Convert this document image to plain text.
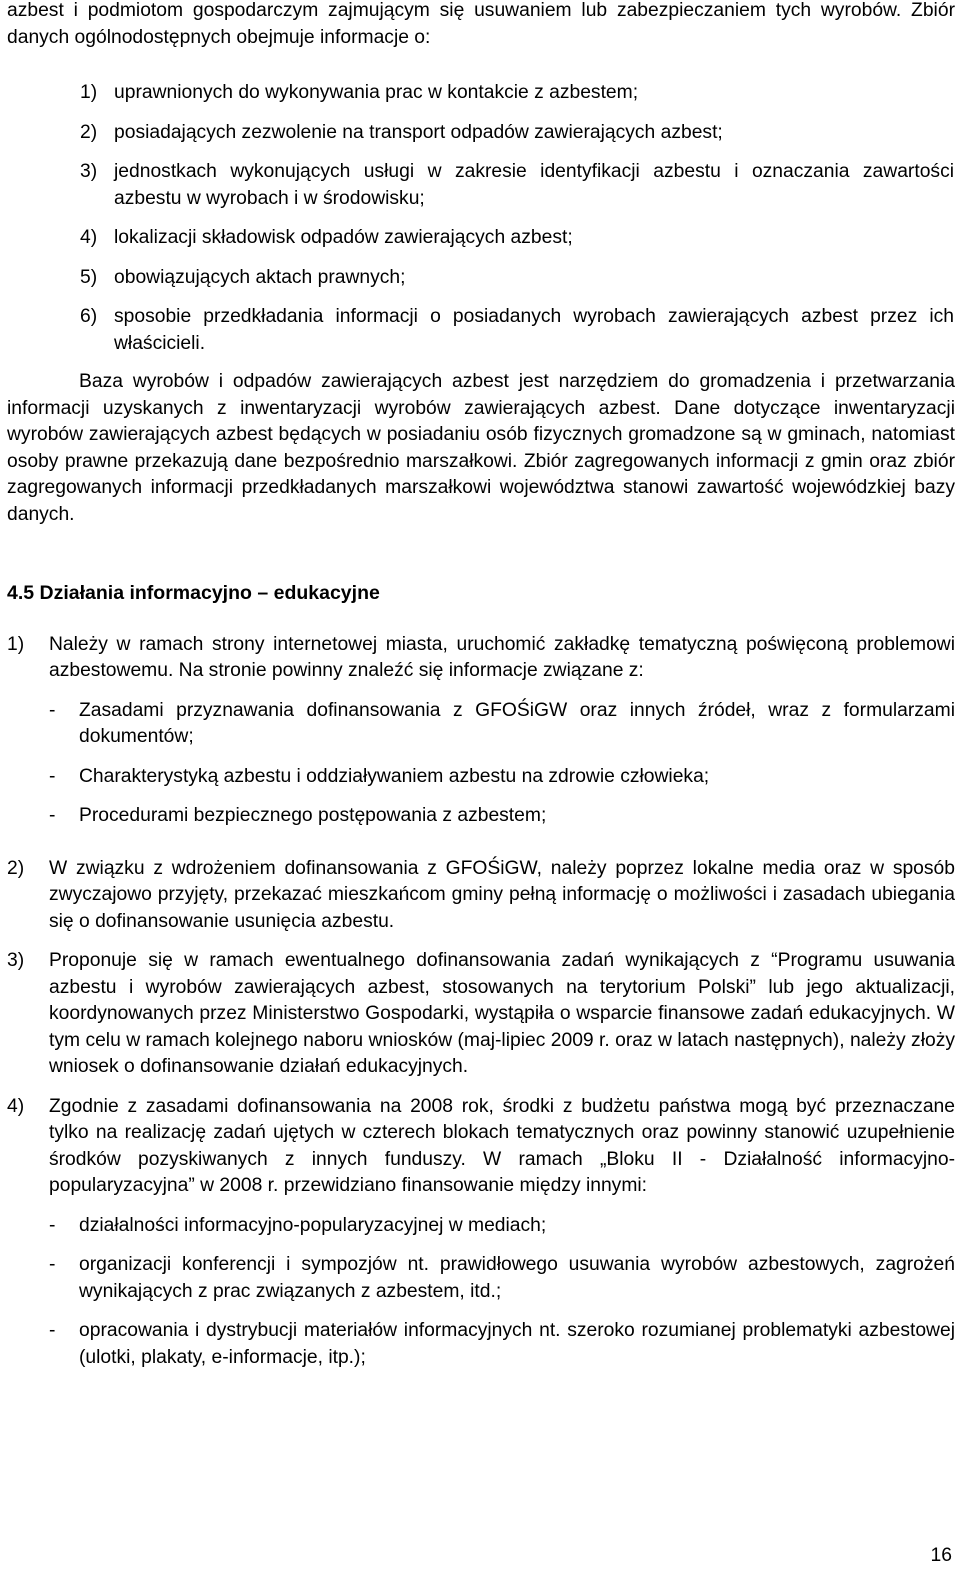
azbest i podmiotom gospodarczym zajmującym się usuwaniem lub zabezpieczaniem tych wyrobów. Zbiór danych ogólnodostępnych obejmuje informacje o:

1) uprawnionych do wykonywania prac w kontakcie z azbestem;
2) posiadających zezwolenie na transport odpadów zawierających azbest;
3) jednostkach wykonujących usługi w zakresie identyfikacji azbestu i oznaczania zawartości azbestu w wyrobach i w środowisku;
4) lokalizacji składowisk odpadów zawierających azbest;
5) obowiązujących aktach prawnych;
6) sposobie przedkładania informacji o posiadanych wyrobach zawierających azbest przez ich właścicieli.

Baza wyrobów i odpadów zawierających azbest jest narzędziem do gromadzenia i przetwarzania informacji uzyskanych z inwentaryzacji wyrobów zawierających azbest. Dane dotyczące inwentaryzacji wyrobów zawierających azbest będących w posiadaniu osób fizycznych gromadzone są w gminach, natomiast osoby prawne przekazują dane bezpośrednio marszałkowi. Zbiór zagregowanych informacji z gmin oraz zbiór zagregowanych informacji przedkładanych marszałkowi województwa stanowi zawartość wojewódzkiej bazy danych.

4.5 Działania informacyjno – edukacyjne
1)	Należy w ramach strony internetowej miasta, uruchomić zakładkę tematyczną poświęconą problemowi azbestowemu. Na stronie powinny znaleźć się informacje związane z:

-	Zasadami przyznawania dofinansowania z GFOŚiGW oraz innych źródeł, wraz z formularzami dokumentów;
-	Charakterystyką azbestu i oddziaływaniem azbestu na zdrowie człowieka;
-	Procedurami bezpiecznego postępowania z azbestem;
2)	W związku z wdrożeniem dofinansowania z GFOŚiGW, należy poprzez lokalne media oraz w sposób zwyczajowo przyjęty, przekazać mieszkańcom gminy pełną informację o możliwości i zasadach ubiegania się o dofinansowanie usunięcia azbestu.

3)	Proponuje się w ramach ewentualnego dofinansowania zadań wynikających z “Programu usuwania azbestu i wyrobów zawierających azbest, stosowanych na terytorium Polski” lub jego aktualizacji, koordynowanych przez Ministerstwo Gospodarki, wystąpiła o wsparcie finansowe zadań edukacyjnych. W tym celu w ramach kolejnego naboru wniosków (maj-lipiec 2009 r. oraz w latach następnych), należy złoży wniosek o dofinansowanie działań edukacyjnych.

4)	Zgodnie z zasadami dofinansowania na 2008 rok, środki z budżetu państwa mogą być przeznaczane tylko na realizację zadań ujętych w czterech blokach tematycznych oraz powinny stanowić uzupełnienie środków pozyskiwanych z innych funduszy. W ramach „Bloku II - Działalność informacyjno-popularyzacyjna” w 2008 r. przewidziano finansowanie między innymi:

-	działalności informacyjno-popularyzacyjnej w mediach;
-	organizacji konferencji i sympozjów nt. prawidłowego usuwania wyrobów azbestowych, zagrożeń wynikających z prac związanych z azbestem, itd.;
-	opracowania i dystrybucji materiałów informacyjnych nt. szeroko rozumianej problematyki azbestowej (ulotki, plakaty, e-informacje, itp.);
16
